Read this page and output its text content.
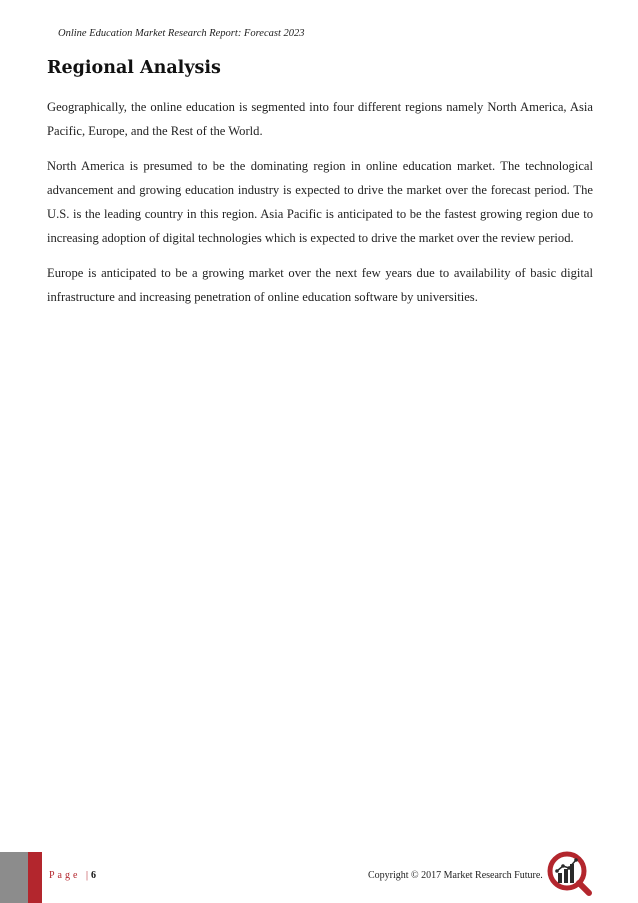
Online Education Market Research Report: Forecast 2023
Regional Analysis

Geographically, the online education is segmented into four different regions namely North America, Asia Pacific, Europe, and the Rest of the World.

North America is presumed to be the dominating region in online education market. The technological advancement and growing education industry is expected to drive the market over the forecast period. The U.S. is the leading country in this region. Asia Pacific is anticipated to be the fastest growing region due to increasing adoption of digital technologies which is expected to drive the market over the review period.

Europe is anticipated to be a growing market over the next few years due to availability of basic digital infrastructure and increasing penetration of online education software by universities.

Page | 6	Copyright © 2017 Market Research Future.
